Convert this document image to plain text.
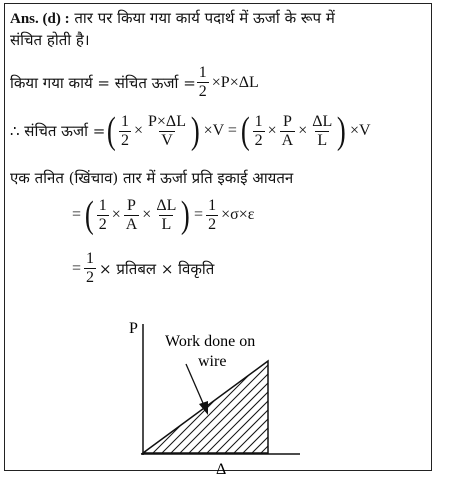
Ans. (d) : तार पर किया गया कार्य पदार्थ में ऊर्जा के रूप में
संचित होती है।
किया गया कार्य = संचित ऊर्जा = $\frac{1}{2} \times P\times\Delta L$
∴ संचित ऊर्जा = ( $\frac{1}{2} \times \frac{P\times\Delta L}{V}$ ) ×V = ( $\frac{1}{2} \times \frac{P}{A} \times \frac{\Delta L}{L}$ ) ×V
एक तनित (खिंचाव) तार में ऊर्जा प्रति इकाई आयतन
= ( $\frac{1}{2} \times \frac{P}{A} \times \frac{\Delta L}{L}$ ) = $\frac{1}{2} \times\sigma\times\varepsilon$
= $\frac{1}{2}$ × प्रतिबल × विकृति
P
Δ
Work done on
wire
